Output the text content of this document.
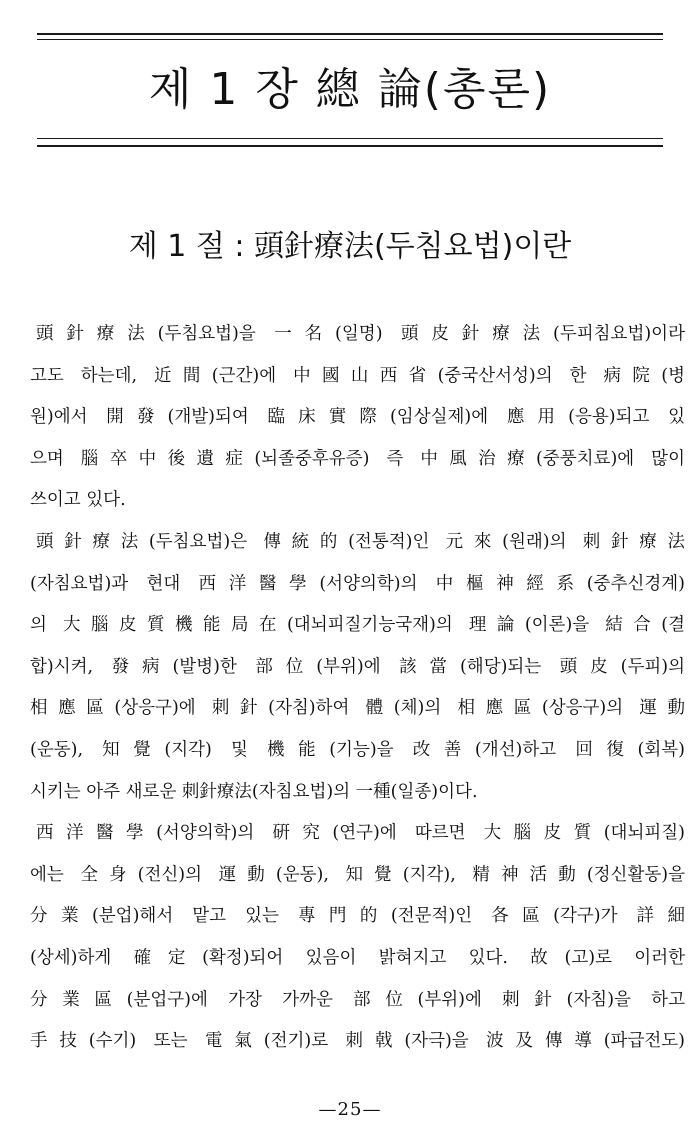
제 1 장 總 論(총론)
제 1 절 : 頭針療法(두침요법)이란
頭針療法(두침요법)을 一名(일명) 頭皮針療法(두피침요법)이라
고도 하는데, 近間(근간)에 中國山西省(중국산서성)의 한 病院(병
원)에서 開發(개발)되여 臨床實際(임상실제)에 應用(응용)되고 있
으며 腦卒中後遺症(뇌졸중후유증) 즉 中風治療(중풍치료)에 많이
쓰이고 있다.
頭針療法(두침요법)은 傳統的(전통적)인 元來(원래)의 刺針療法
(자침요법)과 현대 西洋醫學(서양의학)의 中樞神經系(중추신경계)
의 大腦皮質機能局在(대뇌피질기능국재)의 理論(이론)을 結合(결
합)시켜, 發病(발병)한 部位(부위)에 該當(해당)되는 頭皮(두피)의
相應區(상응구)에 刺針(자침)하여 體(체)의 相應區(상응구)의 運動
(운동), 知覺(지각) 및 機能(기능)을 改善(개선)하고 回復(회복)
시키는 아주 새로운 刺針療法(자침요법)의 一種(일종)이다.
西洋醫學(서양의학)의 硏究(연구)에 따르면 大腦皮質(대뇌피질)
에는 全身(전신)의 運動(운동), 知覺(지각), 精神活動(정신활동)을
分業(분업)해서 맡고 있는 專門的(전문적)인 各區(각구)가 詳細
(상세)하게 確定(확정)되어 있음이 밝혀지고 있다. 故(고)로 이러한
分業區(분업구)에 가장 가까운 部位(부위)에 刺針(자침)을 하고
手技(수기) 또는 電氣(전기)로 刺戟(자극)을 波及傳導(파급전도)
—25—
